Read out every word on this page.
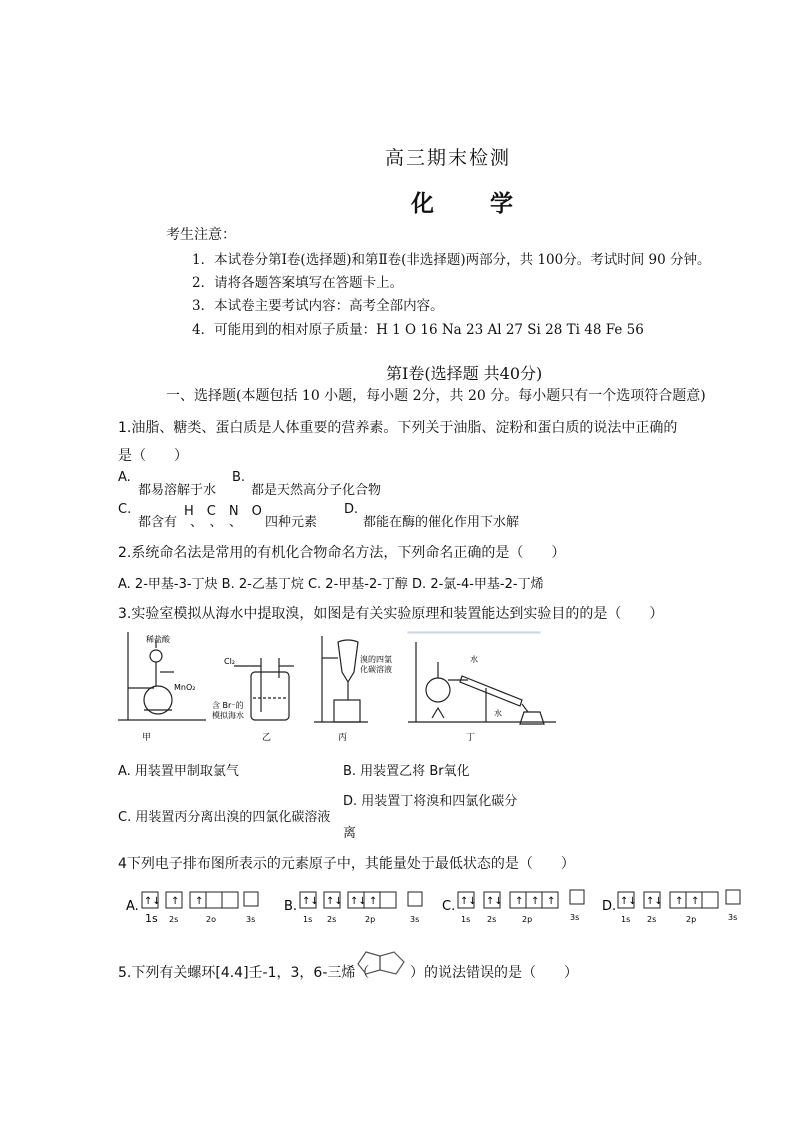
高三期末检测
化 学
考生注意：
1．本试卷分第Ⅰ卷(选择题)和第Ⅱ卷(非选择题)两部分，共 100分。考试时间 90 分钟。
2．请将各题答案填写在答题卡上。
3．本试卷主要考试内容：高考全部内容。
4．可能用到的相对原子质量：H 1 O 16 Na 23 Al 27 Si 28 Ti 48 Fe 56
第Ⅰ卷(选择题 共40分)
一、选择题(本题包括 10 小题，每小题 2分，共 20 分。每小题只有一个选项符合题意)
1.油脂、糖类、蛋白质是人体重要的营养素。下列关于油脂、淀粉和蛋白质的说法中正确的
是（　　）
A.
都易溶解于水
B.
都是天然高分子化合物
C.
都含有
H　C　N　O
、　、　、 四种元素
D.
都能在酶的催化作用下水解
2.系统命名法是常用的有机化合物命名方法，下列命名正确的是（　　）
A. 2-甲基-3-丁炔 B. 2-乙基丁烷 C. 2-甲基-2-丁醇 D. 2-氯-4-甲基-2-丁烯
3.实验室模拟从海水中提取溴，如图是有关实验原理和装置能达到实验目的的是（　　）
稀盐酸
MnO₂
甲
Cl₂
含 Br⁻的
模拟海水
乙
溴的四氯
化碳溶液
丙
水
水
丁
A. 用装置甲制取氯气	B. 用装置乙将 Br氧化
D. 用装置丁将溴和四氯化碳分
C. 用装置丙分离出溴的四氯化碳溶液
离
4下列电子排布图所表示的元素原子中，其能量处于最低状态的是（　　）
A. ↑↓ ↑ ↑
1s 2s	2o	3s
B. ↑↓ ↑↓ ↑↓ ↑
1s 2s	2p	3s
C. ↑↓ ↑↓ ↑ ↑ ↑
1s 2s	2p	3s
D. ↑↓ ↑↓ ↑ ↑
1s 2s	2p	3s
5.下列有关螺环[4.4]壬-1，3，6-三烯（	）的说法错误的是（　　）
